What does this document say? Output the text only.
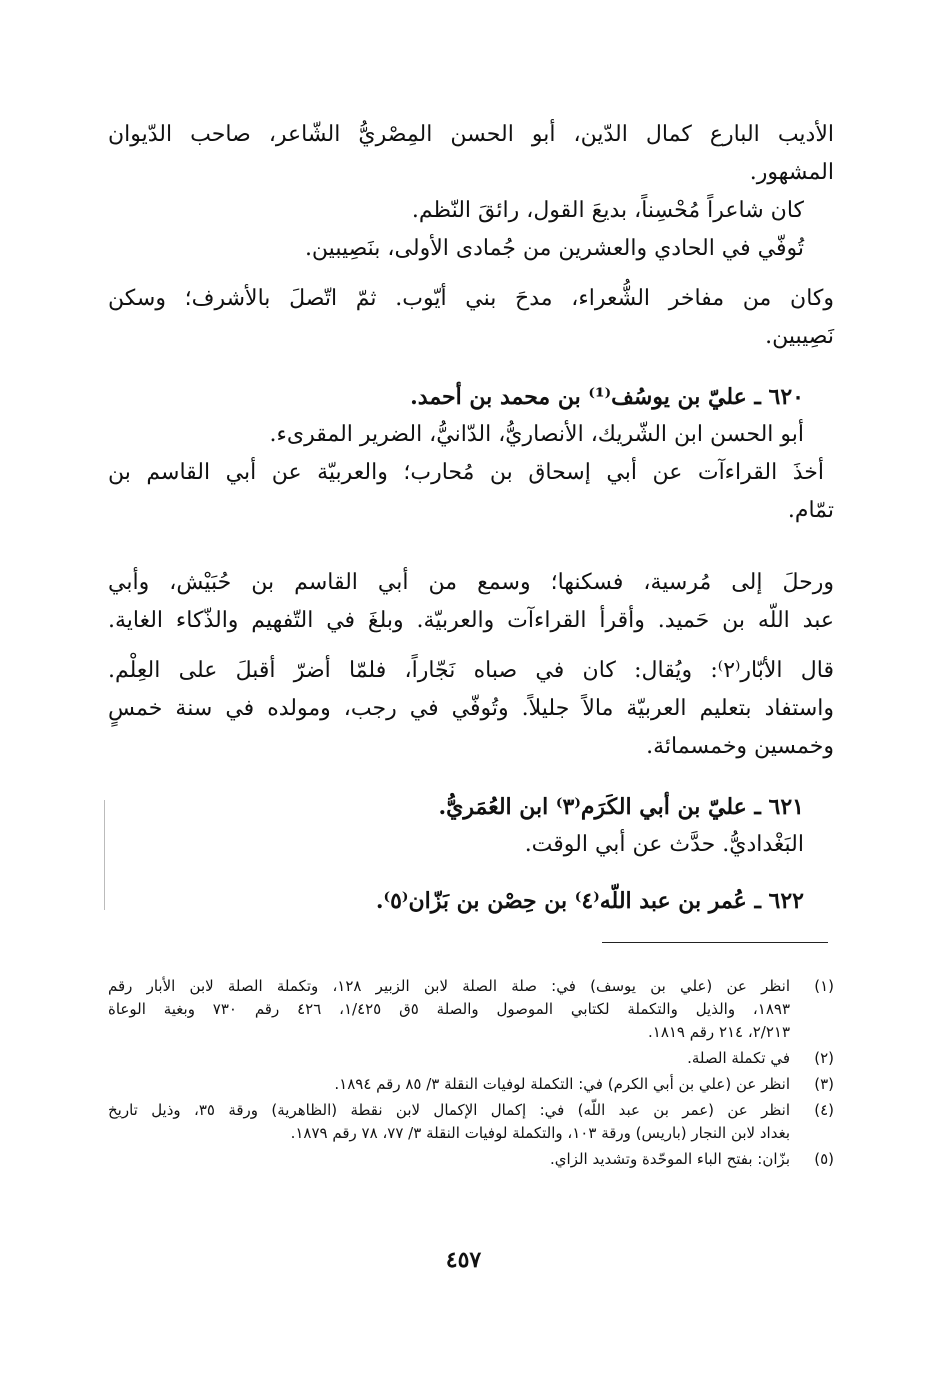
الأديب البارع كمال الدّين، أبو الحسن المِصْريُّ الشّاعر، صاحب الدّيوان
المشهور.
كان شاعراً مُحْسِناً، بديعَ القول، رائقَ النّظم.
تُوفّي في الحادي والعشرين من جُمادى الأولى، بنَصِيبين.
وكان من مفاخر الشُّعراء، مدحَ بني أيّوب. ثمّ اتّصلَ بالأشرف؛ وسكن
نَصِيبين.
٦٢٠ ـ عليّ بن يوسُف⁽¹⁾ بن محمد بن أحمد.
أبو الحسن ابن الشّريك، الأنصاريُّ، الدّانيُّ، الضرير المقرىء.
أخذَ القراءآت عن أبي إسحاق بن مُحارب؛ والعربيّة عن أبي القاسم بن
تمّام.
ورحلَ إلى مُرسية، فسكنها؛ وسمع من أبي القاسم بن حُبَيْش، وأبي
عبد اللّه بن حَميد. وأقرأ القراءآت والعربيّة. وبلغَ في التّفهيم والذّكاء الغاية.
قال الأبّار⁽٢⁾: ويُقال: كان في صباه نَجّاراً، فلمّا أضرّ أقبلَ على العِلْم.
واستفاد بتعليم العربيّة مالاً جليلاً. وتُوفّي في رجب، ومولده في سنة خمسٍ
وخمسين وخمسمائة.
٦٢١ ـ عليّ بن أبي الكَرَم⁽٣⁾ ابن العُمَريُّ.
البَغْداديُّ. حدَّث عن أبي الوقت.
٦٢٢ ـ عُمر بن عبد اللّه⁽٤⁾ بن حِصْن بن بَزّان⁽٥⁾.
(١)
انظر عن (علي بن يوسف) في: صلة الصلة لابن الزبير ١٢٨، وتكملة الصلة لابن الأبار رقم
١٨٩٣، والذيل والتكملة لكتابي الموصول والصلة ٥ق ١/٤٢٥، ٤٢٦ رقم ٧٣٠ وبغية الوعاة
٢/٢١٣، ٢١٤ رقم ١٨١٩.
(٢)
في تكملة الصلة.
(٣)
انظر عن (علي بن أبي الكرم) في: التكملة لوفيات النقلة ٣/ ٨٥ رقم ١٨٩٤.
(٤)
انظر عن (عمر بن عبد اللّه) في: إكمال الإكمال لابن نقطة (الظاهرية) ورقة ٣٥، وذيل تاريخ
بغداد لابن النجار (باريس) ورقة ١٠٣، والتكملة لوفيات النقلة ٣/ ٧٧، ٧٨ رقم ١٨٧٩.
(٥)
بزّان: بفتح الباء الموحّدة وتشديد الزاي.
٤٥٧
